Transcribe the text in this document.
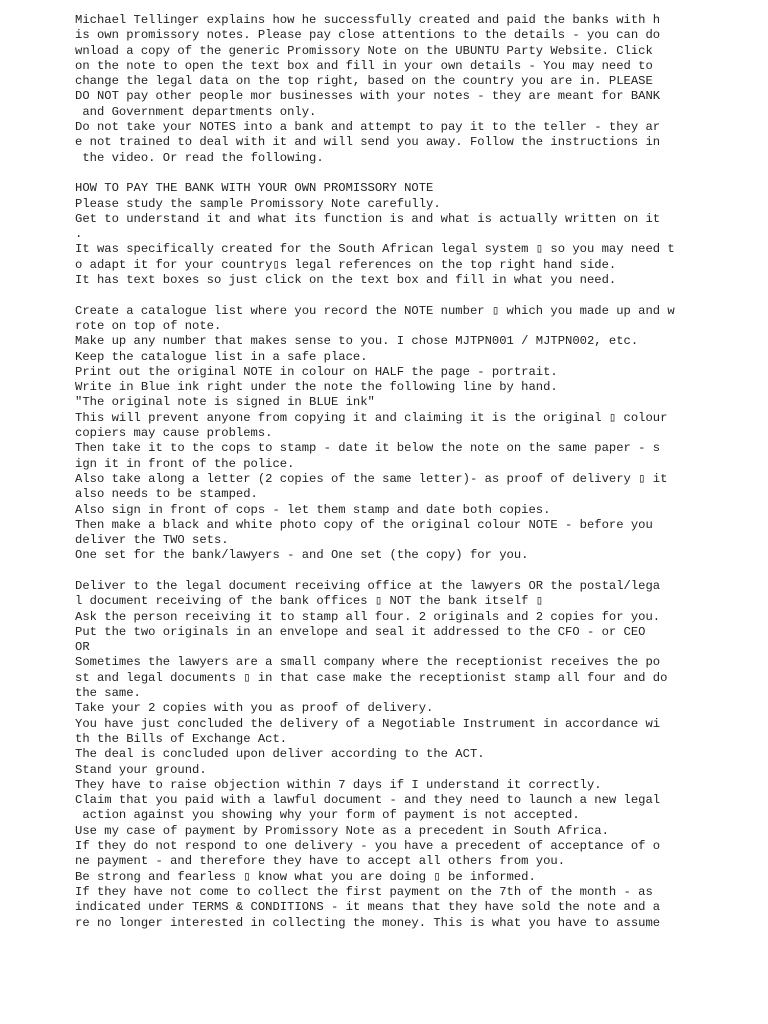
Michael Tellinger explains how he successfully created and paid the banks with h
is own promissory notes. Please pay close attentions to the details - you can do
wnload a copy of the generic Promissory Note on the UBUNTU Party Website. Click
on the note to open the text box and fill in your own details - You may need to
change the legal data on the top right, based on the country you are in. PLEASE
DO NOT pay other people mor businesses with your notes - they are meant for BANK
and Government departments only.
Do not take your NOTES into a bank and attempt to pay it to the teller - they ar
e not trained to deal with it and will send you away. Follow the instructions in
the video. Or read the following.

HOW TO PAY THE BANK WITH YOUR OWN PROMISSORY NOTE
Please study the sample Promissory Note carefully.
Get to understand it and what its function is and what is actually written on it
.
It was specifically created for the South African legal system ▯ so you may need t
o adapt it for your country▯s legal references on the top right hand side.
It has text boxes so just click on the text box and fill in what you need.

Create a catalogue list where you record the NOTE number ▯ which you made up and w
rote on top of note.
Make up any number that makes sense to you. I chose MJTPN001 / MJTPN002, etc.
Keep the catalogue list in a safe place.
Print out the original NOTE in colour on HALF the page - portrait.
Write in Blue ink right under the note the following line by hand.
"The original note is signed in BLUE ink"
This will prevent anyone from copying it and claiming it is the original ▯ colour
copiers may cause problems.
Then take it to the cops to stamp - date it below the note on the same paper - s
ign it in front of the police.
Also take along a letter (2 copies of the same letter)- as proof of delivery ▯ it
also needs to be stamped.
Also sign in front of cops - let them stamp and date both copies.
Then make a black and white photo copy of the original colour NOTE - before you
deliver the TWO sets.
One set for the bank/lawyers - and One set (the copy) for you.

Deliver to the legal document receiving office at the lawyers OR the postal/lega
l document receiving of the bank offices ▯ NOT the bank itself ▯
Ask the person receiving it to stamp all four. 2 originals and 2 copies for you.
Put the two originals in an envelope and seal it addressed to the CFO - or CEO
OR
Sometimes the lawyers are a small company where the receptionist receives the po
st and legal documents ▯ in that case make the receptionist stamp all four and do
the same.
Take your 2 copies with you as proof of delivery.
You have just concluded the delivery of a Negotiable Instrument in accordance wi
th the Bills of Exchange Act.
The deal is concluded upon deliver according to the ACT.
Stand your ground.
They have to raise objection within 7 days if I understand it correctly.
Claim that you paid with a lawful document - and they need to launch a new legal
action against you showing why your form of payment is not accepted.
Use my case of payment by Promissory Note as a precedent in South Africa.
If they do not respond to one delivery - you have a precedent of acceptance of o
ne payment - and therefore they have to accept all others from you.
Be strong and fearless ▯ know what you are doing ▯ be informed.
If they have not come to collect the first payment on the 7th of the month - as
indicated under TERMS & CONDITIONS - it means that they have sold the note and a
re no longer interested in collecting the money. This is what you have to assume
